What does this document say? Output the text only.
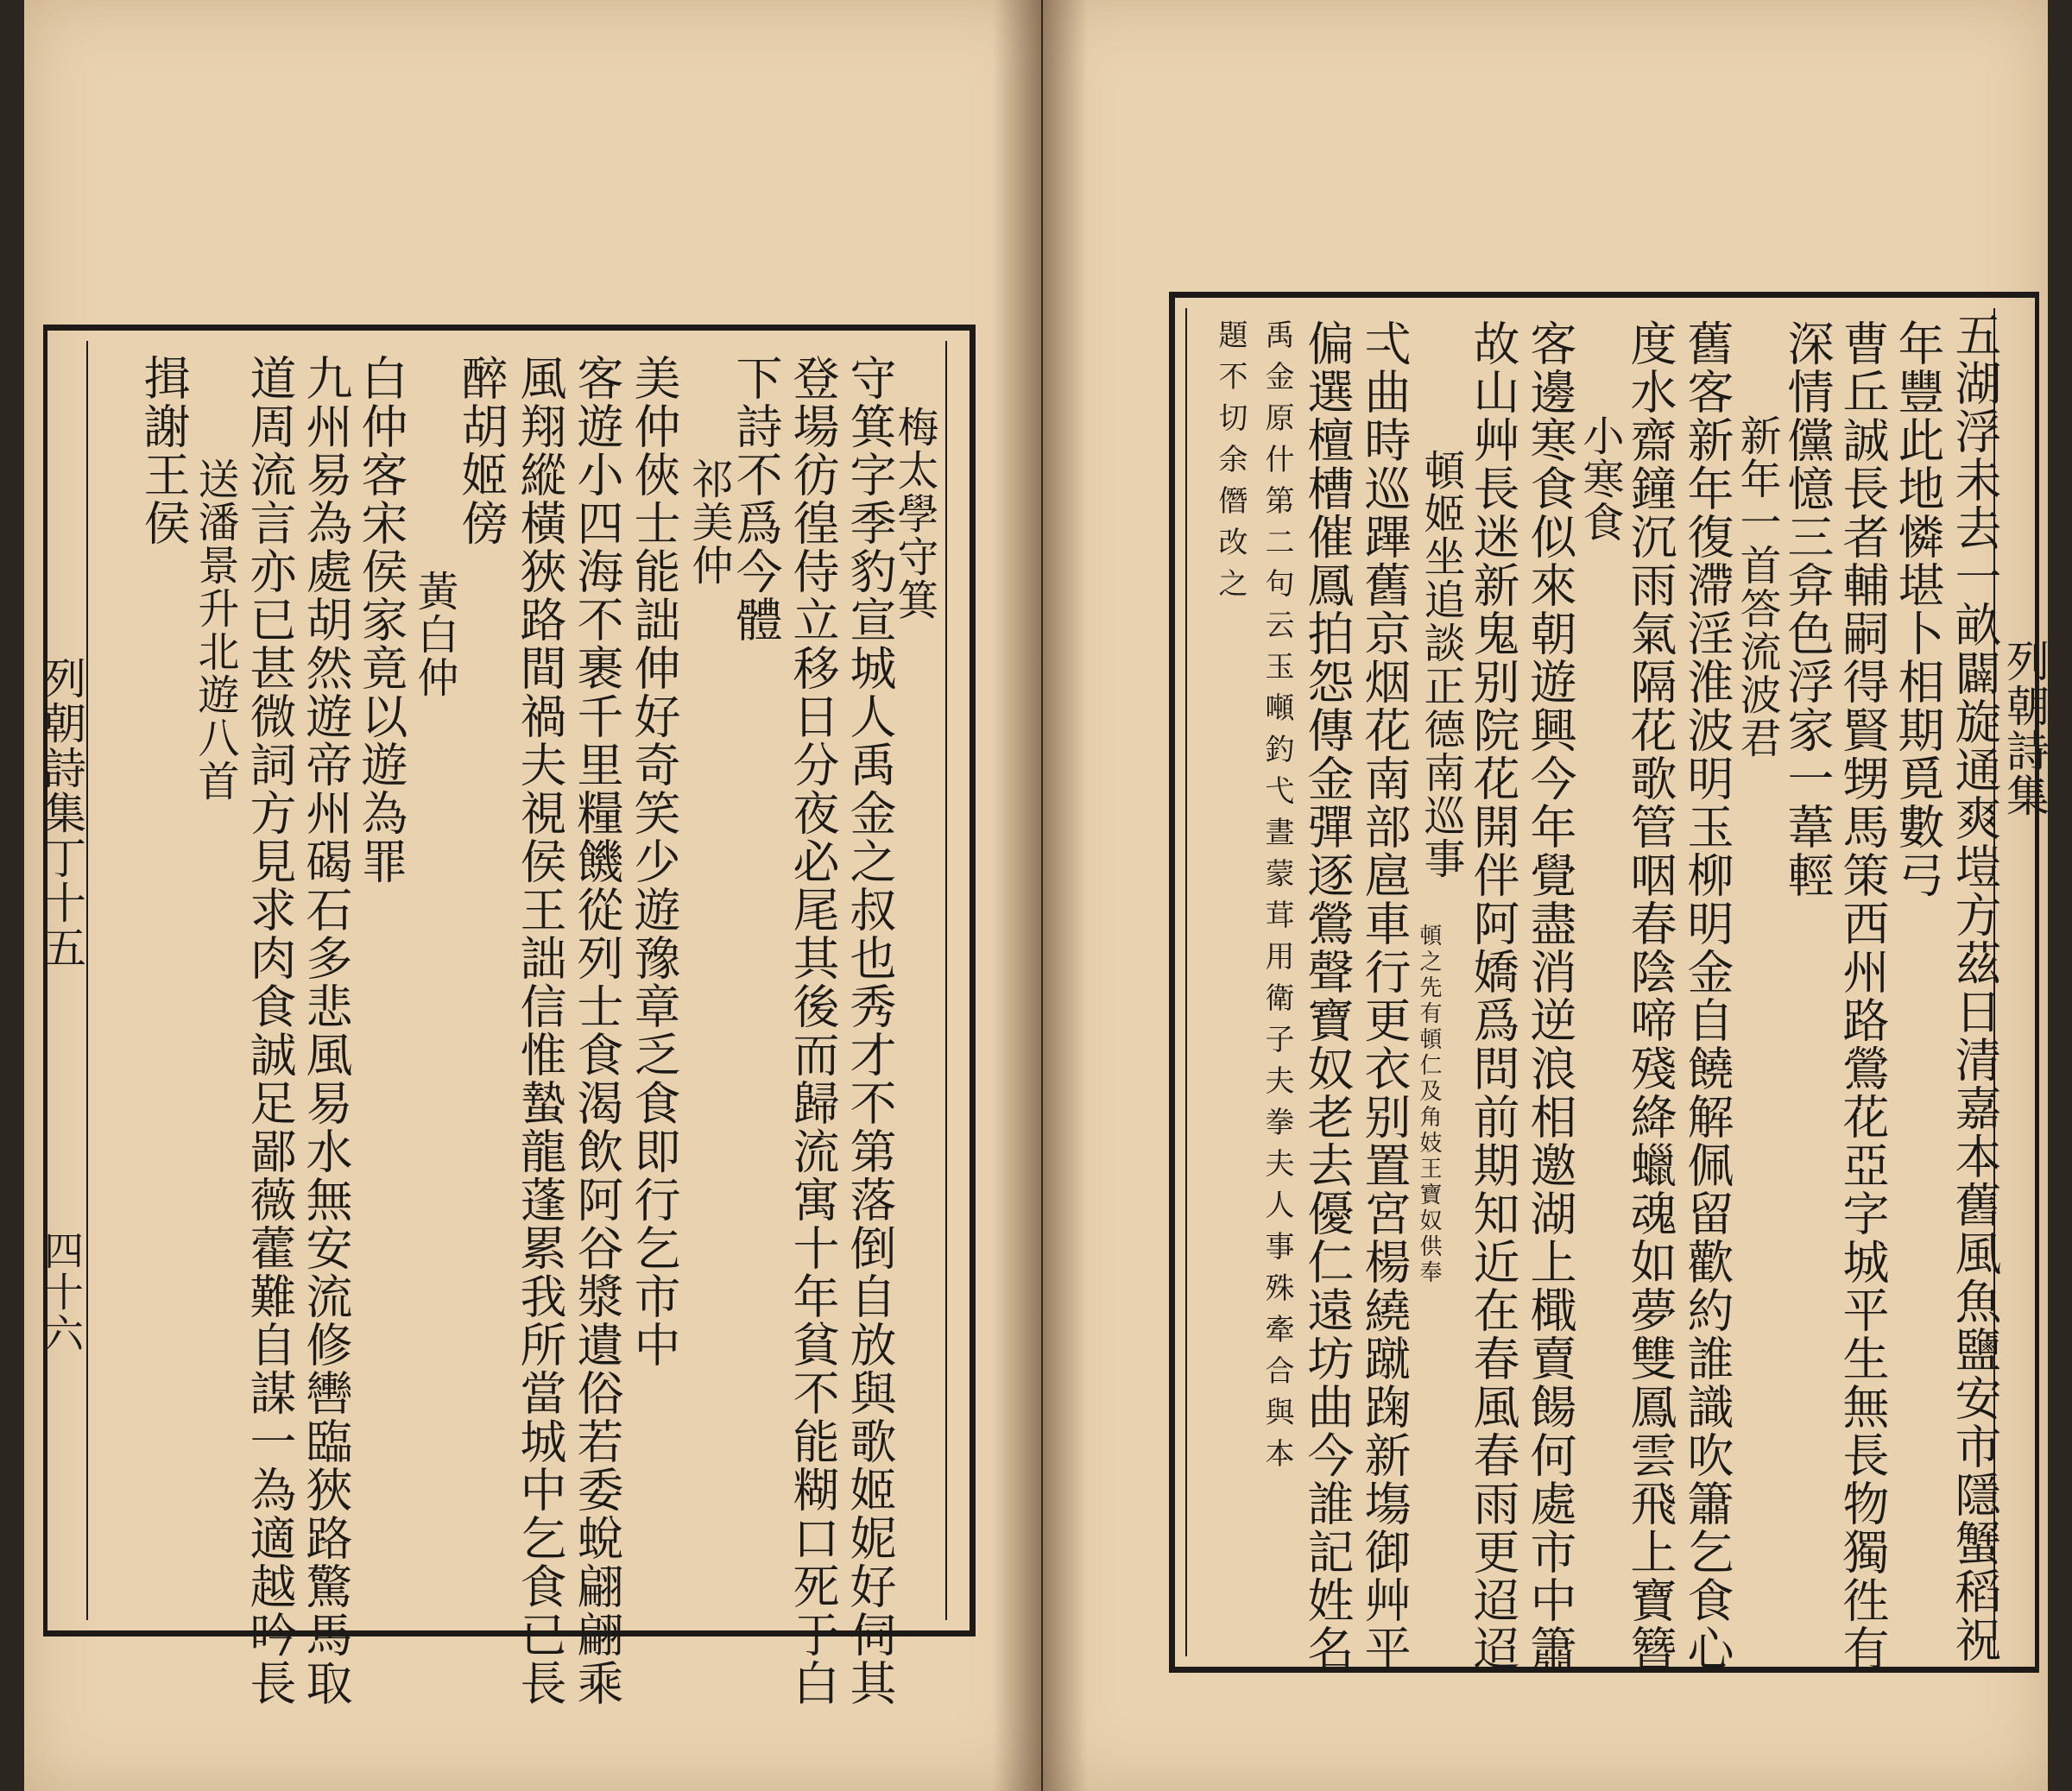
列朝詩集丁十五
四十六
揖謝王侯
送潘景升北遊八首 道周流言亦已甚微詞方見求肉食誠足鄙薇藿難自謀一為適越吟長 九州易為處胡然遊帝州碣石多悲風易水無安流修轡臨狹路驚馬取 白仲客宋侯家竟以遊為罪 黃白仲
醉胡姬傍 風翔縱橫狹路間禍夫視侯王詘信惟蟄龍蓬累我所當城中乞食已長 客遊小四海不裹千里糧饑從列士食渴飲阿谷漿遺俗若委蛻翩翩乘 美仲俠士能詘伸好奇笑少遊豫章乏食即行乞市中 祁美仲
下詩不爲今體 登場彷徨侍立移日分夜必尾其後而歸流寓十年貧不能糊口死于白 守箕字季豹宣城人禹金之叔也秀才不第落倒自放與歌姬妮好伺其
梅太學守箕
列朝詩集
題不切余僭改之 禹金原什第二句云玉噸釣弋晝蒙茸用衛子夫拳夫人事殊牽合與本 偏選檀槽催鳳拍怨傳金彈逐鶯聲寶奴老去優仁遠坊曲今誰記姓名 弌曲時巡蹕舊京烟花南部扈車行更衣别置宮楊繞蹴踘新塲御艸平 頓姬坐追談正德南巡事
頓之先有頓仁及角妓王寶奴供奉 故山艸長迷新鬼别院花開伴阿嬌爲問前期知近在春風春雨更迢迢 客邊寒食似來朝遊興今年覺盡消逆浪相邀湖上檝賣餳何處市中簫
小寒食 度水齋鐘沉雨氣隔花歌管咽春陰啼殘絳蠟魂如夢雙鳳雲飛上寶簪 舊客新年復滯淫淮波明玉柳明金自饒解佩留歡約誰識吹簫乞食心
新年一首答流波君 深情儻憶三弇色浮家一葦輕 曹丘誠長者輔嗣得賢甥馬策西州路鶯花亞字城平生無長物獨徃有 年豐此地憐堪卜相期覓數弓 五湖浮未去一畝闢旋通爽塏方茲日清嘉本舊風魚鹽安市隱蟹稻祝
